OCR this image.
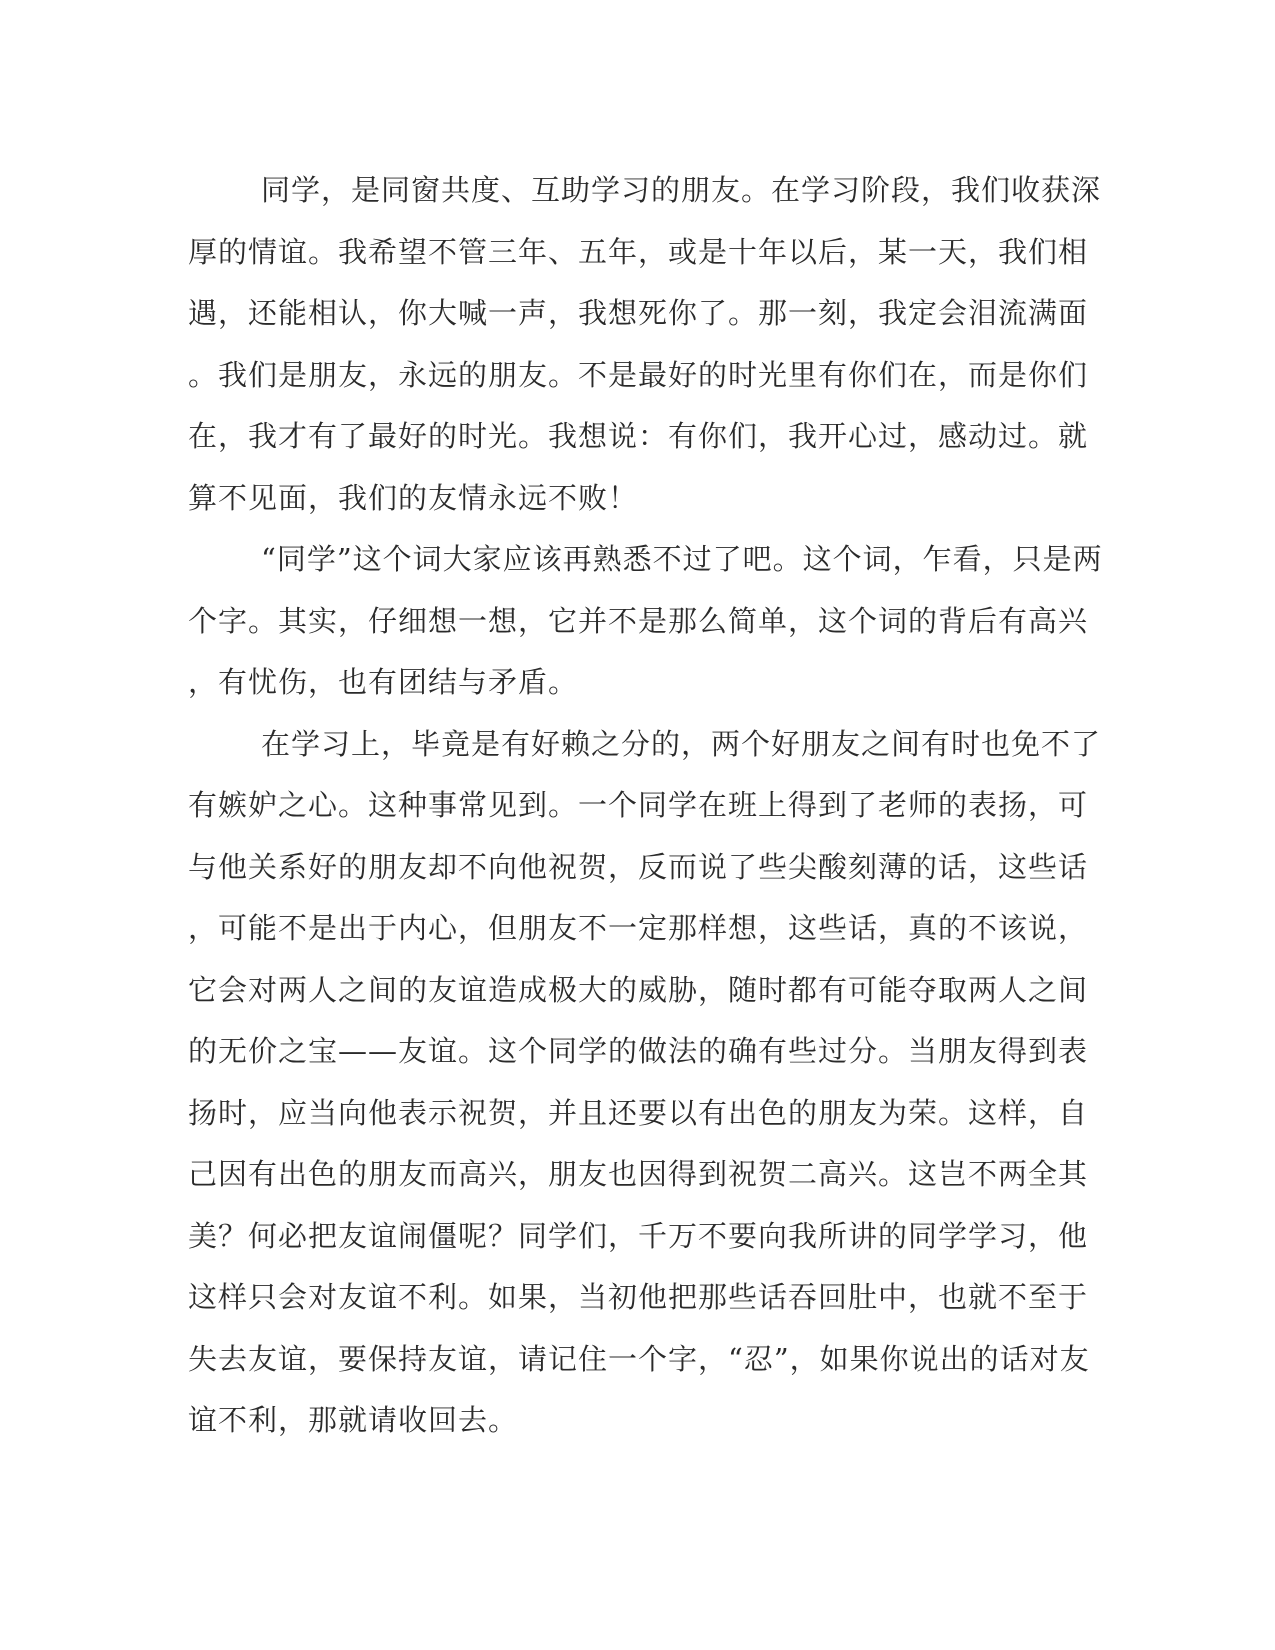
同学，是同窗共度、互助学习的朋友。在学习阶段，我们收获深
厚的情谊。我希望不管三年、五年，或是十年以后，某一天，我们相
遇，还能相认，你大喊一声，我想死你了。那一刻，我定会泪流满面
。我们是朋友，永远的朋友。不是最好的时光里有你们在，而是你们
在，我才有了最好的时光。我想说：有你们，我开心过，感动过。就
算不见面，我们的友情永远不败！

“同学”这个词大家应该再熟悉不过了吧。这个词，乍看，只是两
个字。其实，仔细想一想，它并不是那么简单，这个词的背后有高兴
，有忧伤，也有团结与矛盾。

在学习上，毕竟是有好赖之分的，两个好朋友之间有时也免不了
有嫉妒之心。这种事常见到。一个同学在班上得到了老师的表扬，可
与他关系好的朋友却不向他祝贺，反而说了些尖酸刻薄的话，这些话
，可能不是出于内心，但朋友不一定那样想，这些话，真的不该说，
它会对两人之间的友谊造成极大的威胁，随时都有可能夺取两人之间
的无价之宝——友谊。这个同学的做法的确有些过分。当朋友得到表
扬时，应当向他表示祝贺，并且还要以有出色的朋友为荣。这样，自
己因有出色的朋友而高兴，朋友也因得到祝贺二高兴。这岂不两全其
美？何必把友谊闹僵呢？同学们，千万不要向我所讲的同学学习，他
这样只会对友谊不利。如果，当初他把那些话吞回肚中，也就不至于
失去友谊，要保持友谊，请记住一个字，“忍”，如果你说出的话对友
谊不利，那就请收回去。
